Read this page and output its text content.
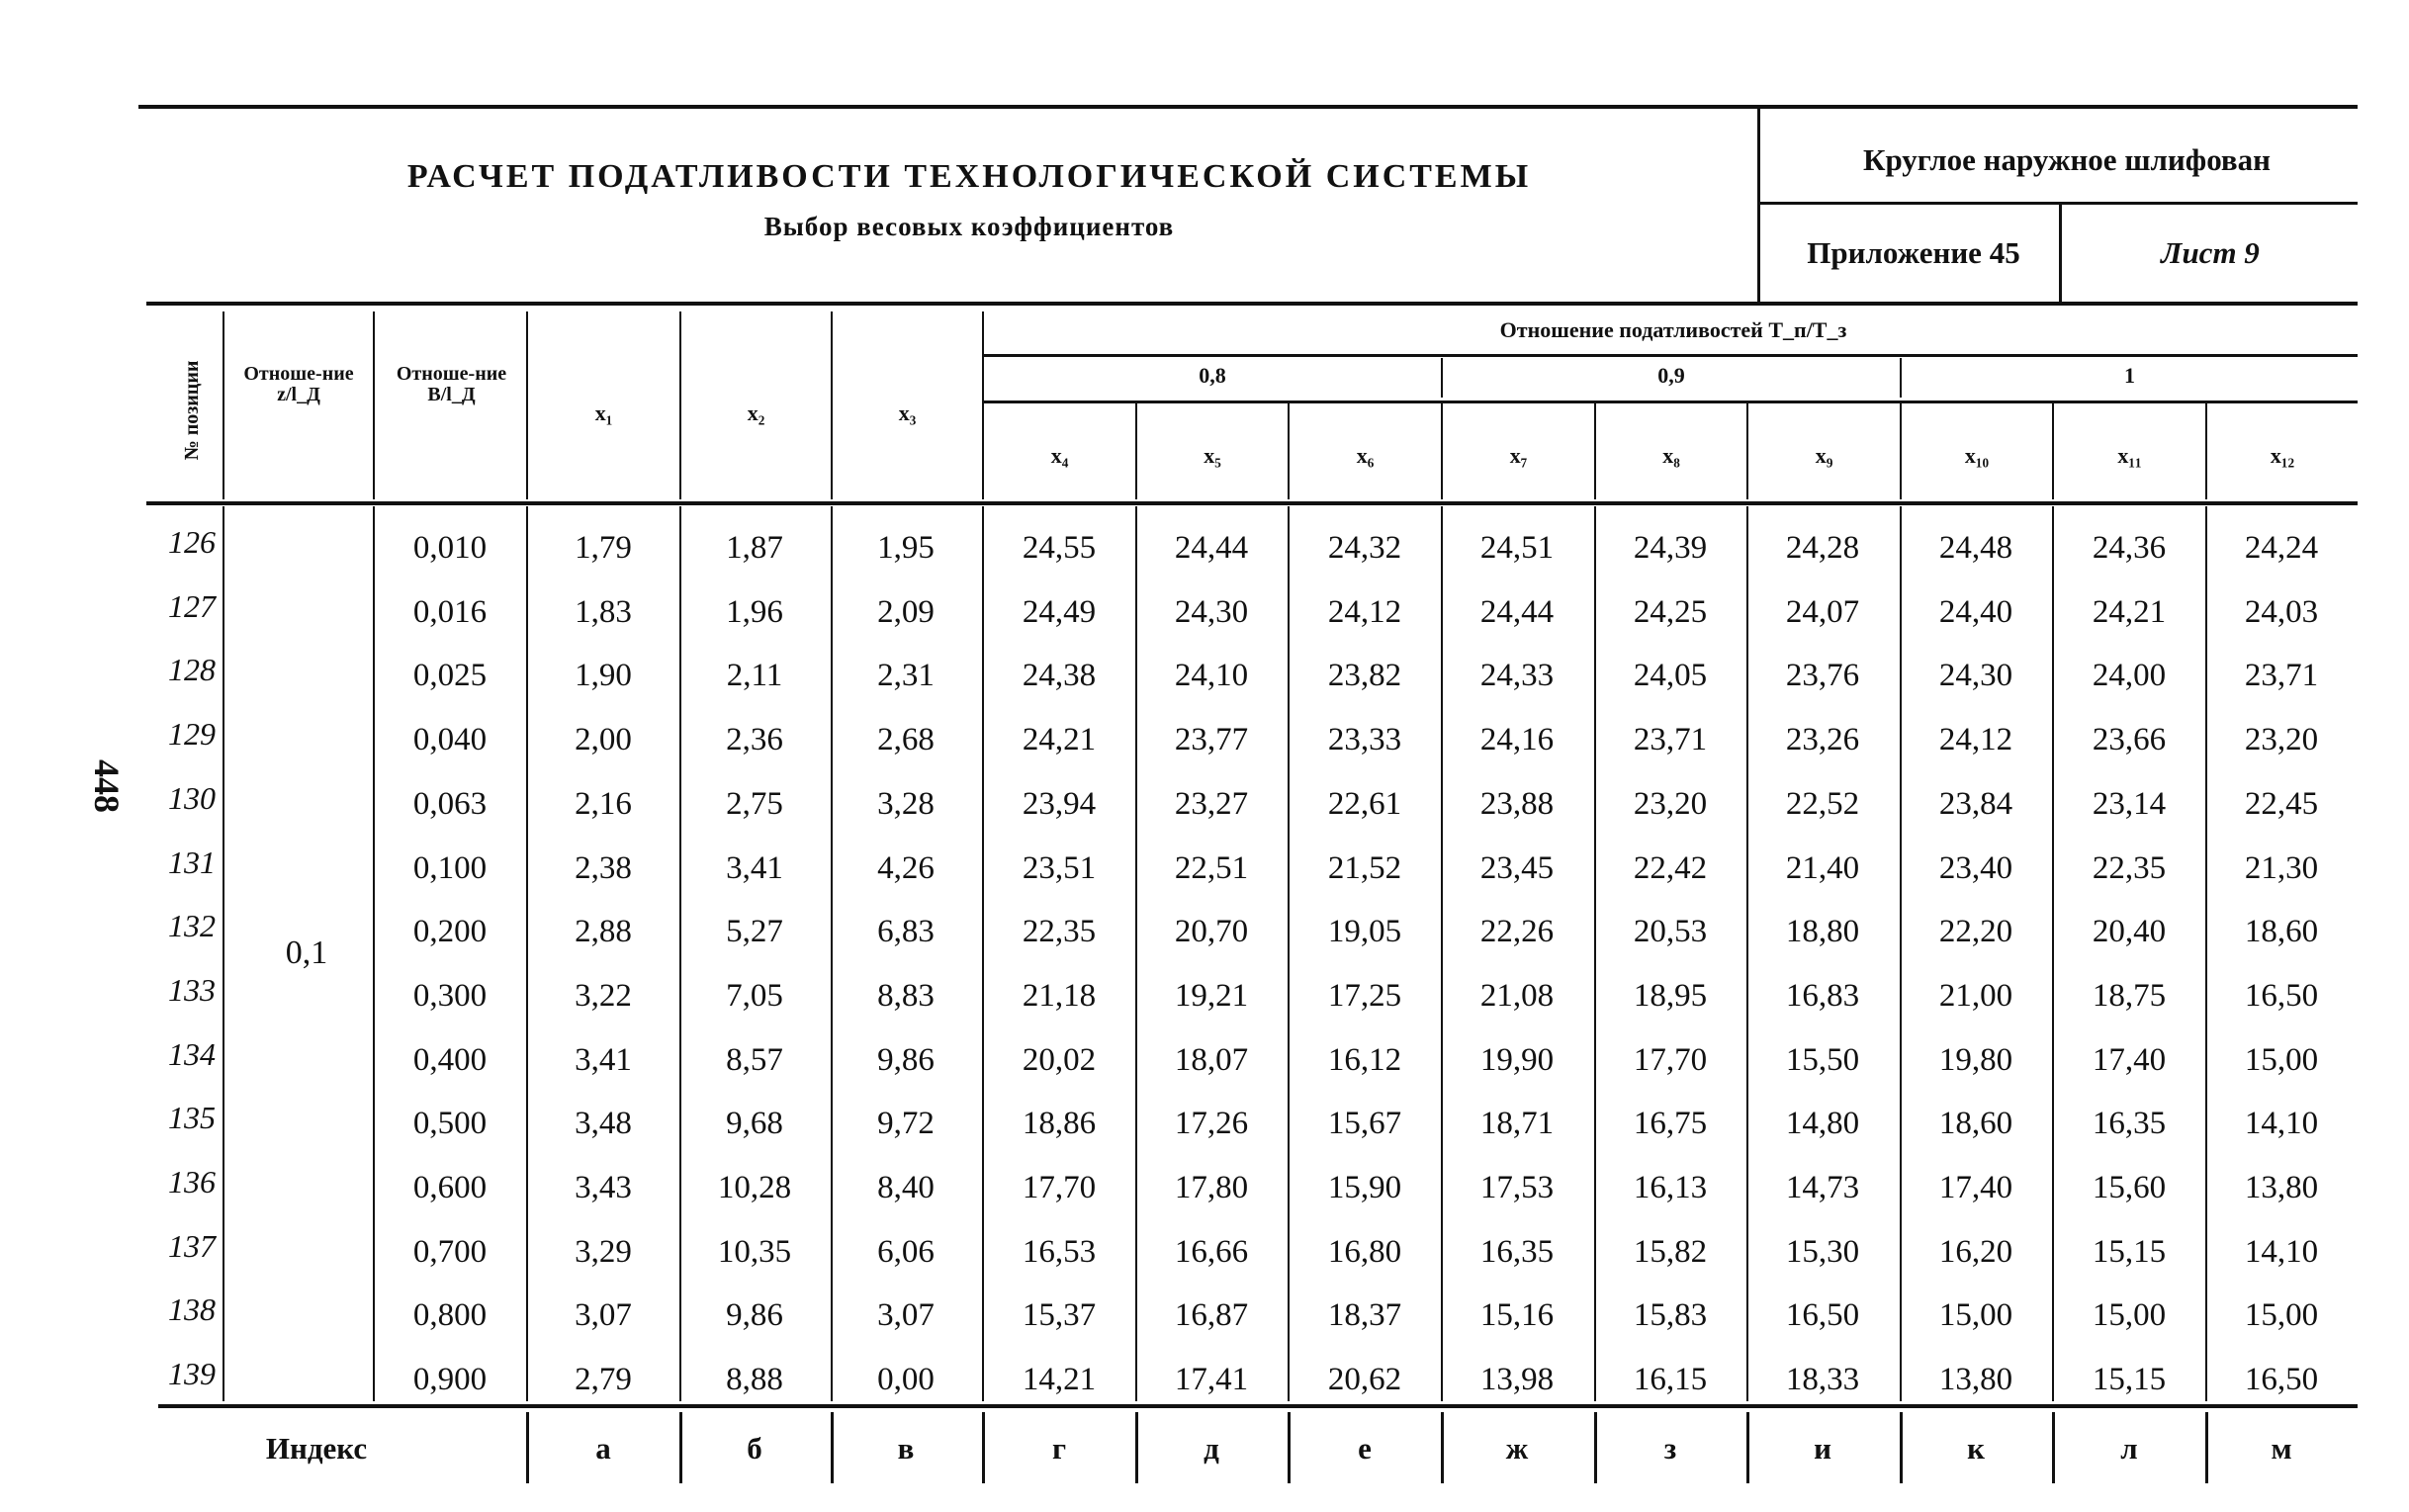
РАСЧЕТ ПОДАТЛИВОСТИ ТЕХНОЛОГИЧЕСКОЙ СИСТЕМЫ
Выбор весовых коэффициентов
Круглое наружное шлифован
Приложение 45	Лист 9
448
№ позиции	Отноше-ние z/l_Д
Отноше-ние B/l_Д
x₁	x₂	x₃
Отношение податливостей Т_п/Т_з
0,8	0,9	1
x₄	x₅	x₆	x₇	x₈	x₉	x₁₀	x₁₁	x₁₂
126	0,010	1,79	1,87	1,95	24,55	24,44	24,32	24,51	24,39	24,28	24,48	24,36	24,24
127	0,016	1,83	1,96	2,09	24,49	24,30	24,12	24,44	24,25	24,07	24,40	24,21	24,03
128	0,025	1,90	2,11	2,31	24,38	24,10	23,82	24,33	24,05	23,76	24,30	24,00	23,71
129	0,040	2,00	2,36	2,68	24,21	23,77	23,33	24,16	23,71	23,26	24,12	23,66	23,20
130	0,063	2,16	2,75	3,28	23,94	23,27	22,61	23,88	23,20	22,52	23,84	23,14	22,45
131	0,100	2,38	3,41	4,26	23,51	22,51	21,52	23,45	22,42	21,40	23,40	22,35	21,30
132	0,200	2,88	5,27	6,83	22,35	20,70	19,05	22,26	20,53	18,80	22,20	20,40	18,60
133	0,300	3,22	7,05	8,83	21,18	19,21	17,25	21,08	18,95	16,83	21,00	18,75	16,50
134	0,400	3,41	8,57	9,86	20,02	18,07	16,12	19,90	17,70	15,50	19,80	17,40	15,00
135	0,500	3,48	9,68	9,72	18,86	17,26	15,67	18,71	16,75	14,80	18,60	16,35	14,10
136	0,600	3,43	10,28	8,40	17,70	17,80	15,90	17,53	16,13	14,73	17,40	15,60	13,80
137	0,700	3,29	10,35	6,06	16,53	16,66	16,80	16,35	15,82	15,30	16,20	15,15	14,10
138	0,800	3,07	9,86	3,07	15,37	16,87	18,37	15,16	15,83	16,50	15,00	15,00	15,00
139	0,900	2,79	8,88	0,00	14,21	17,41	20,62	13,98	16,15	18,33	13,80	15,15	16,50
0,1
Индекс	а	б	в	г	д	е	ж	з	и	к	л	м
